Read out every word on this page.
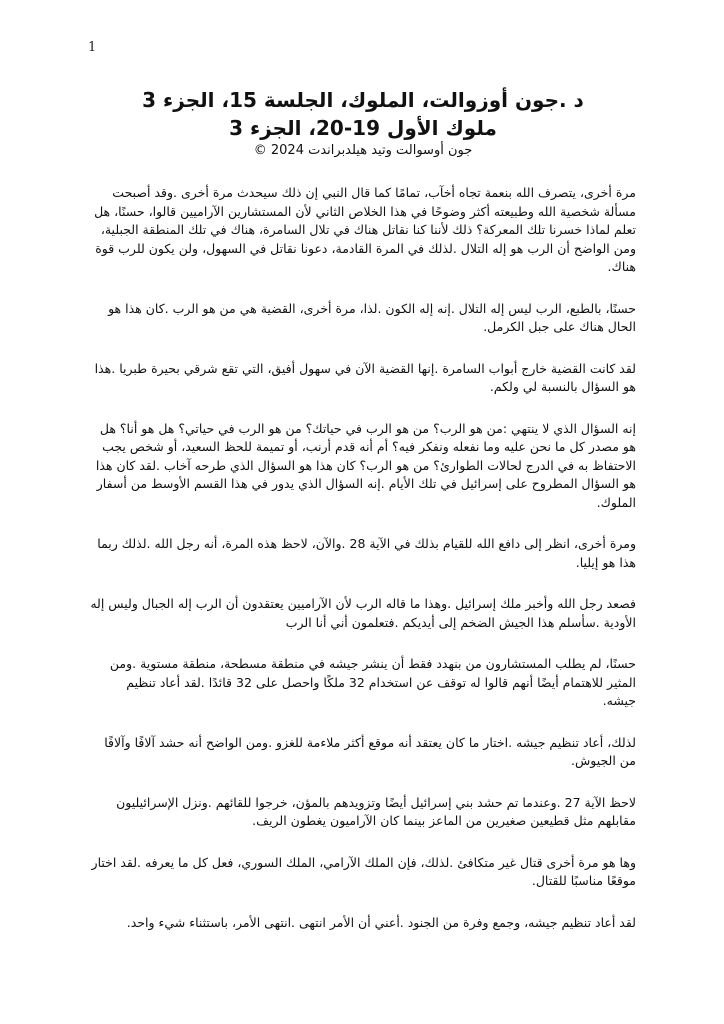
1

د .جون أوزوالت، الملوك، الجلسة 15، الجزء 3

ملوك الأول 19-20، الجزء 3

جون أوسوالت وتيد هيلدبراندت 2024 ©

مرة أخرى، يتصرف الله بنعمة تجاه أخآب، تمامًا كما قال النبي إن ذلك سيحدث مرة أخرى .وقد أصبحت مسألة شخصية الله وطبيعته أكثر وضوحًا في هذا الخلاص الثاني لأن المستشارين الآراميين قالوا، حسنًا، هل تعلم لماذا خسرنا تلك المعركة؟ ذلك لأننا كنا نقاتل هناك في تلال السامرة، هناك في تلك المنطقة الجبلية، ومن الواضح أن الرب هو إله التلال .لذلك في المرة القادمة، دعونا نقاتل في السهول، ولن يكون للرب قوة هناك.

حسنًا، بالطبع، الرب ليس إله التلال .إنه إله الكون .لذا، مرة أخرى، القضية هي من هو الرب .كان هذا هو الحال هناك على جبل الكرمل.

لقد كانت القضية خارج أبواب السامرة .إنها القضية الآن في سهول أفيق، التي تقع شرقي بحيرة طبريا .هذا هو السؤال بالنسبة لي ولكم.

إنه السؤال الذي لا ينتهي :من هو الرب؟ من هو الرب في حياتك؟ من هو الرب في حياتي؟ هل هو أنا؟ هل هو مصدر كل ما نحن عليه وما نفعله ونفكر فيه؟ أم أنه قدم أرنب، أو تميمة للحظ السعيد، أو شخص يجب الاحتفاظ به في الدرج لحالات الطوارئ؟ من هو الرب؟ كان هذا هو السؤال الذي طرحه آخاب .لقد كان هذا هو السؤال المطروح على إسرائيل في تلك الأيام .إنه السؤال الذي يدور في هذا القسم الأوسط من أسفار الملوك.

ومرة أخرى، انظر إلى دافع الله للقيام بذلك في الآية 28 .والآن، لاحظ هذه المرة، أنه رجل الله .لذلك ربما هذا هو إيليا.

فصعد رجل الله وأخبر ملك إسرائيل .وهذا ما قاله الرب لأن الآراميين يعتقدون أن الرب إله الجبال وليس إله الأودية .سأسلم هذا الجيش الضخم إلى أيديكم .فتعلمون أني أنا الرب

حسنًا، لم يطلب المستشارون من بنهدد فقط أن ينشر جيشه في منطقة مسطحة، منطقة مستوية .ومن المثير للاهتمام أيضًا أنهم قالوا له توقف عن استخدام 32 ملكًا واحصل على 32 قائدًا .لقد أعاد تنظيم جيشه.

لذلك، أعاد تنظيم جيشه .اختار ما كان يعتقد أنه موقع أكثر ملاءمة للغزو .ومن الواضح أنه حشد آلافًا وآلافًا من الجيوش.

لاحظ الآية 27 .وعندما تم حشد بني إسرائيل أيضًا وتزويدهم بالمؤن، خرجوا للقائهم .ونزل الإسرائيليون مقابلهم مثل قطيعين صغيرين من الماعز بينما كان الآراميون يغطون الريف.

وها هو مرة أخرى قتال غير متكافئ .لذلك، فإن الملك الآرامي، الملك السوري، فعل كل ما يعرفه .لقد اختار موقعًا مناسبًا للقتال.

لقد أعاد تنظيم جيشه، وجمع وفرة من الجنود .أعني أن الأمر انتهى .انتهى الأمر، باستثناء شيء واحد.
